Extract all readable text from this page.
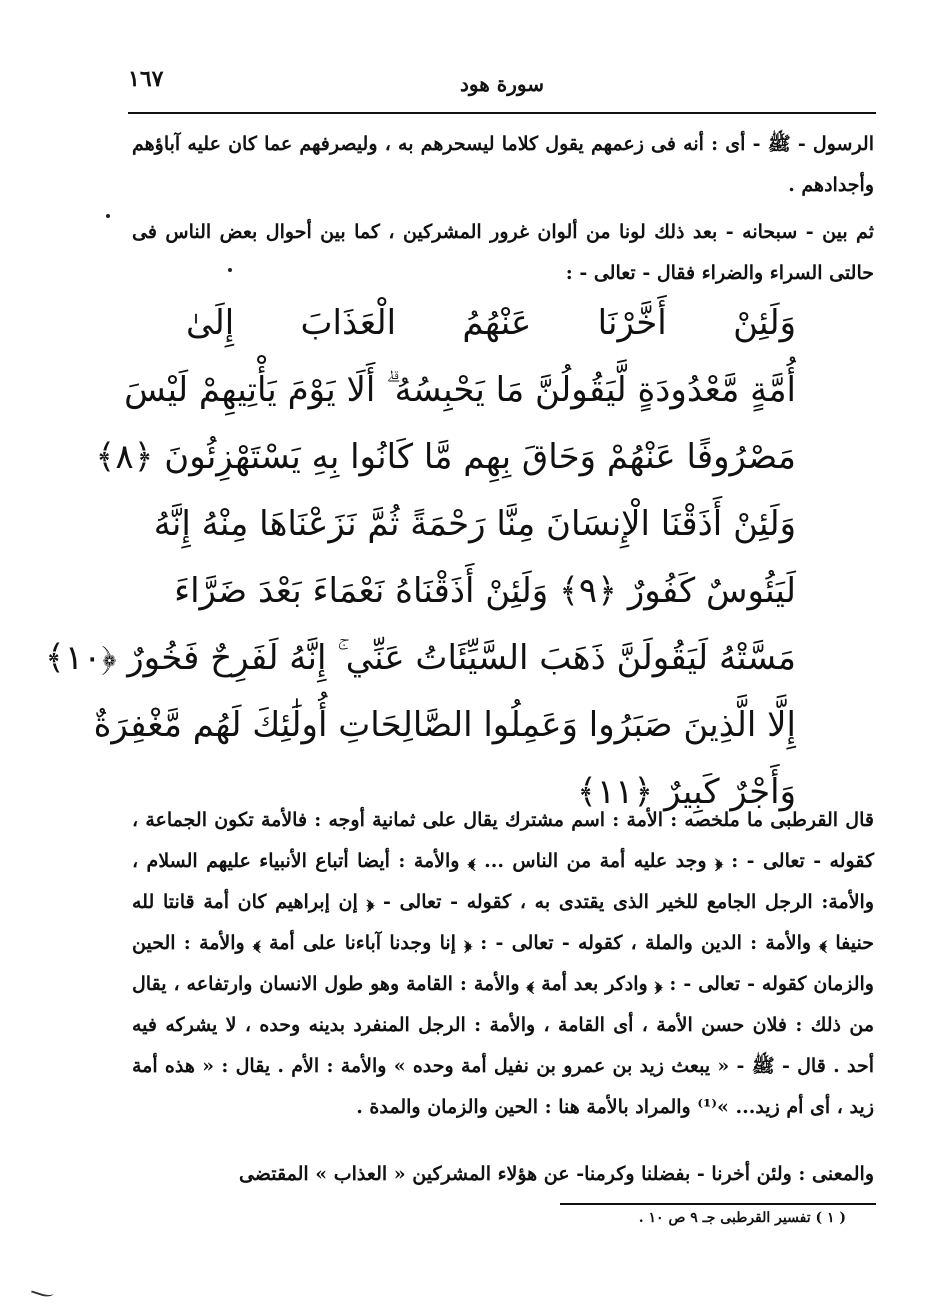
١٦٧	سورة هود

الرسول - ﷺ - أى : أنه فى زعمهم يقول كلاما ليسحرهم به ، وليصرفهم عما كان عليه آباؤهم وأجدادهم .

ثم بين - سبحانه - بعد ذلك لونا من ألوان غرور المشركين ، كما بين أحوال بعض الناس فى حالتى السراء والضراء فقال - تعالى - :

وَلَئِنْ أَخَّرْنَا عَنْهُمُ الْعَذَابَ إِلَىٰ
أُمَّةٍ مَّعْدُودَةٍ لَّيَقُولُنَّ مَا يَحْبِسُهُ ۗ أَلَا يَوْمَ يَأْتِيهِمْ لَيْسَ
مَصْرُوفًا عَنْهُمْ وَحَاقَ بِهِم مَّا كَانُوا بِهِ يَسْتَهْزِئُونَ ﴿٨﴾
وَلَئِنْ أَذَقْنَا الْإِنسَانَ مِنَّا رَحْمَةً ثُمَّ نَزَعْنَاهَا مِنْهُ إِنَّهُ
لَيَئُوسٌ كَفُورٌ ﴿٩﴾ وَلَئِنْ أَذَقْنَاهُ نَعْمَاءَ بَعْدَ ضَرَّاءَ
مَسَّتْهُ لَيَقُولَنَّ ذَهَبَ السَّيِّئَاتُ عَنِّي ۚ إِنَّهُ لَفَرِحٌ فَخُورٌ ﴿١٠﴾
إِلَّا الَّذِينَ صَبَرُوا وَعَمِلُوا الصَّالِحَاتِ أُولَٰئِكَ لَهُم مَّغْفِرَةٌ
وَأَجْرٌ كَبِيرٌ ﴿١١﴾

قال القرطبى ما ملخصه : الأمة : اسم مشترك يقال على ثمانية أوجه : فالأمة تكون الجماعة ، كقوله - تعالى - : ﴿ وجد عليه أمة من الناس ... ﴾ والأمة : أيضا أتباع الأنبياء عليهم السلام ، والأمة: الرجل الجامع للخير الذى يقتدى به ، كقوله - تعالى - ﴿ إن إبراهيم كان أمة قانتا لله حنيفا ﴾ والأمة : الدين والملة ، كقوله - تعالى - : ﴿ إنا وجدنا آباءنا على أمة ﴾ والأمة : الحين والزمان كقوله - تعالى - : ﴿ وادكر بعد أمة ﴾ والأمة : القامة وهو طول الانسان وارتفاعه ، يقال من ذلك : فلان حسن الأمة ، أى القامة ، والأمة : الرجل المنفرد بدينه وحده ، لا يشركه فيه أحد . قال - ﷺ - « يبعث زيد بن عمرو بن نفيل أمة وحده » والأمة : الأم . يقال : « هذه أمة زيد ، أى أم زيد... »⁽¹⁾ والمراد بالأمة هنا : الحين والزمان والمدة .

والمعنى : ولئن أخرنا - بفضلنا وكرمنا- عن هؤلاء المشركين « العذاب » المقتضى

( ١ ) تفسير القرطبى جـ ٩ ص ١٠ .
